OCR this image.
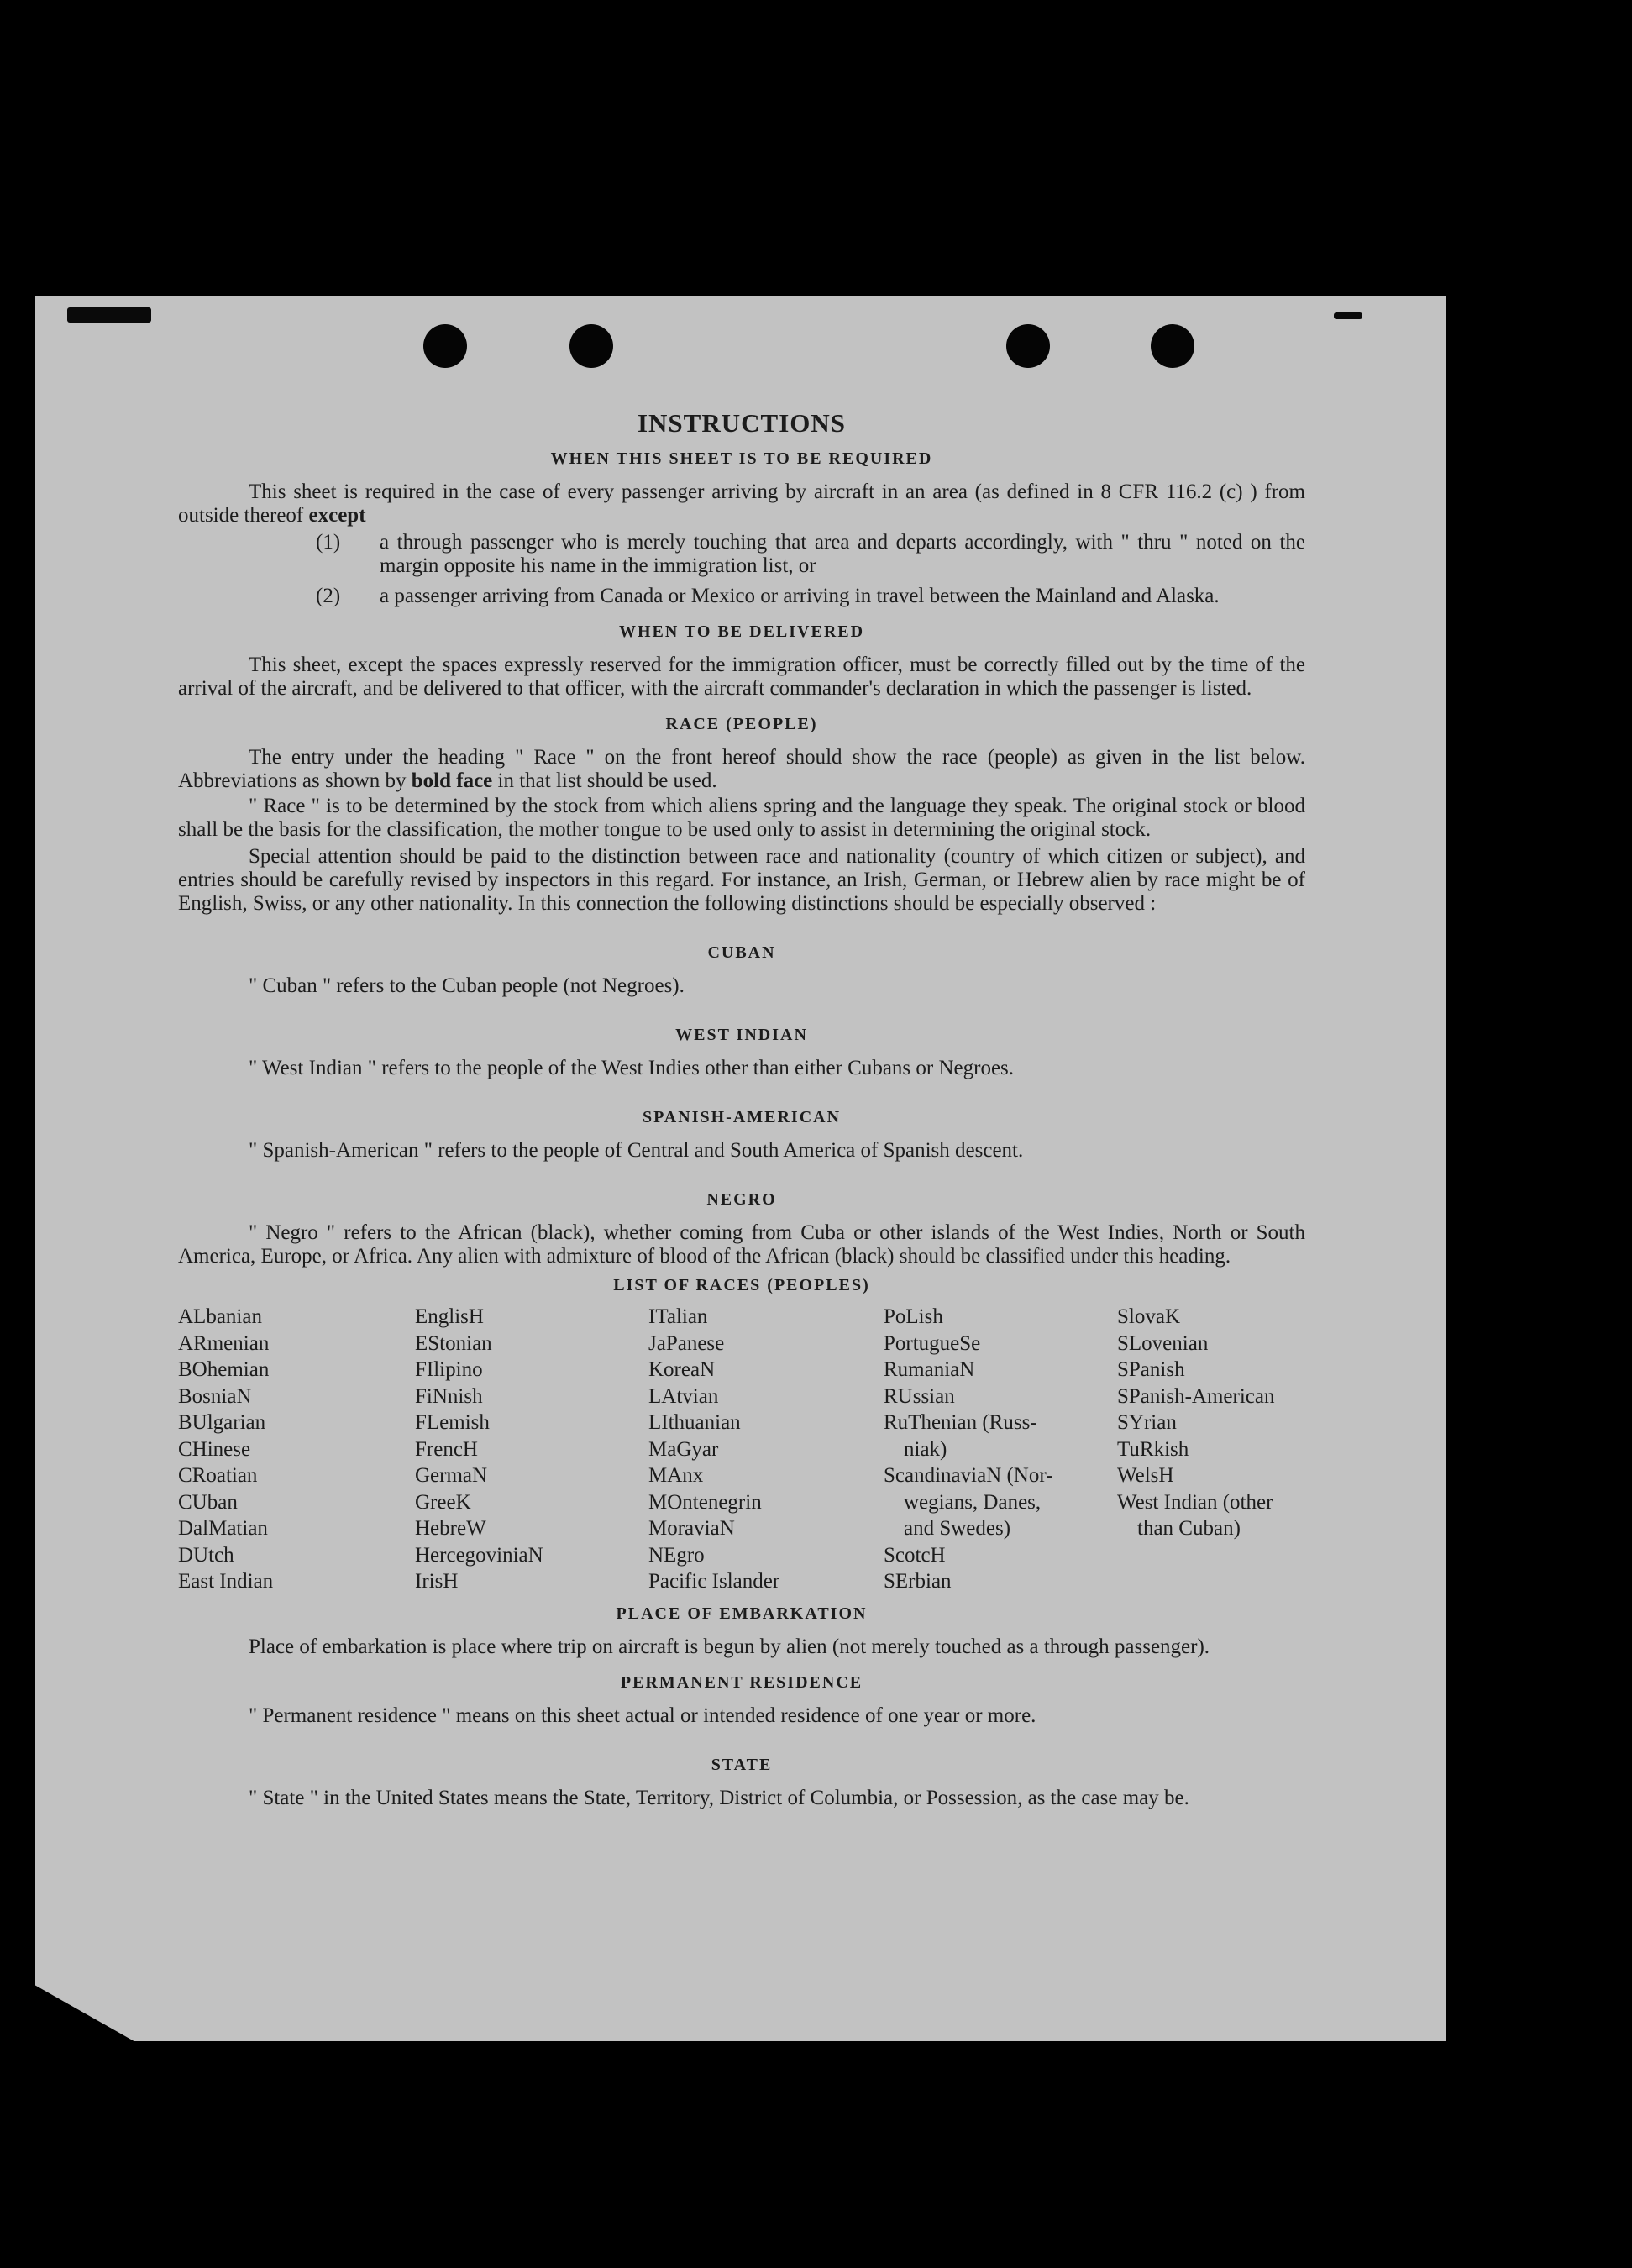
INSTRUCTIONS
WHEN THIS SHEET IS TO BE REQUIRED

This sheet is required in the case of every passenger arriving by aircraft in an area (as defined in 8 CFR 116.2 (c) ) from outside thereof except

(1)	a through passenger who is merely touching that area and departs accordingly, with " thru " noted on the margin opposite his name in the immigration list, or
(2)	a passenger arriving from Canada or Mexico or arriving in travel between the Mainland and Alaska.
WHEN TO BE DELIVERED

This sheet, except the spaces expressly reserved for the immigration officer, must be correctly filled out by the time of the arrival of the aircraft, and be delivered to that officer, with the aircraft commander's declaration in which the passenger is listed.

RACE (PEOPLE)

The entry under the heading " Race " on the front hereof should show the race (people) as given in the list below. Abbreviations as shown by bold face in that list should be used.

" Race " is to be determined by the stock from which aliens spring and the language they speak. The original stock or blood shall be the basis for the classification, the mother tongue to be used only to assist in determining the original stock.

Special attention should be paid to the distinction between race and nationality (country of which citizen or subject), and entries should be carefully revised by inspectors in this regard. For instance, an Irish, German, or Hebrew alien by race might be of English, Swiss, or any other nationality. In this connection the following distinctions should be especially observed :

CUBAN

" Cuban " refers to the Cuban people (not Negroes).

WEST INDIAN

" West Indian " refers to the people of the West Indies other than either Cubans or Negroes.

SPANISH-AMERICAN

" Spanish-American " refers to the people of Central and South America of Spanish descent.

NEGRO

" Negro " refers to the African (black), whether coming from Cuba or other islands of the West Indies, North or South America, Europe, or Africa. Any alien with admixture of blood of the African (black) should be classified under this heading.

LIST OF RACES (PEOPLES)
ALbanian
ARmenian
BOhemian
BosniaN
BUlgarian
CHinese
CRoatian
CUban
DalMatian
DUtch
East Indian
EnglisH
EStonian
FIlipino
FiNnish
FLemish
FrencH
GermaN
GreeK
HebreW
HercegoviniaN
IrisH
ITalian
JaPanese
KoreaN
LAtvian
LIthuanian
MaGyar
MAnx
MOntenegrin
MoraviaN
NEgro
Pacific Islander
PoLish
PortugueSe
RumaniaN
RUssian
RuThenian (Russ-
niak)
ScandinaviaN (Nor-
wegians, Danes,
and Swedes)
ScotcH
SErbian
SlovaK
SLovenian
SPanish
SPanish-American
SYrian
TuRkish
WelsH
West Indian (other
than Cuban)
PLACE OF EMBARKATION

Place of embarkation is place where trip on aircraft is begun by alien (not merely touched as a through passenger).

PERMANENT RESIDENCE

" Permanent residence " means on this sheet actual or intended residence of one year or more.

STATE

" State " in the United States means the State, Territory, District of Columbia, or Possession, as the case may be.
